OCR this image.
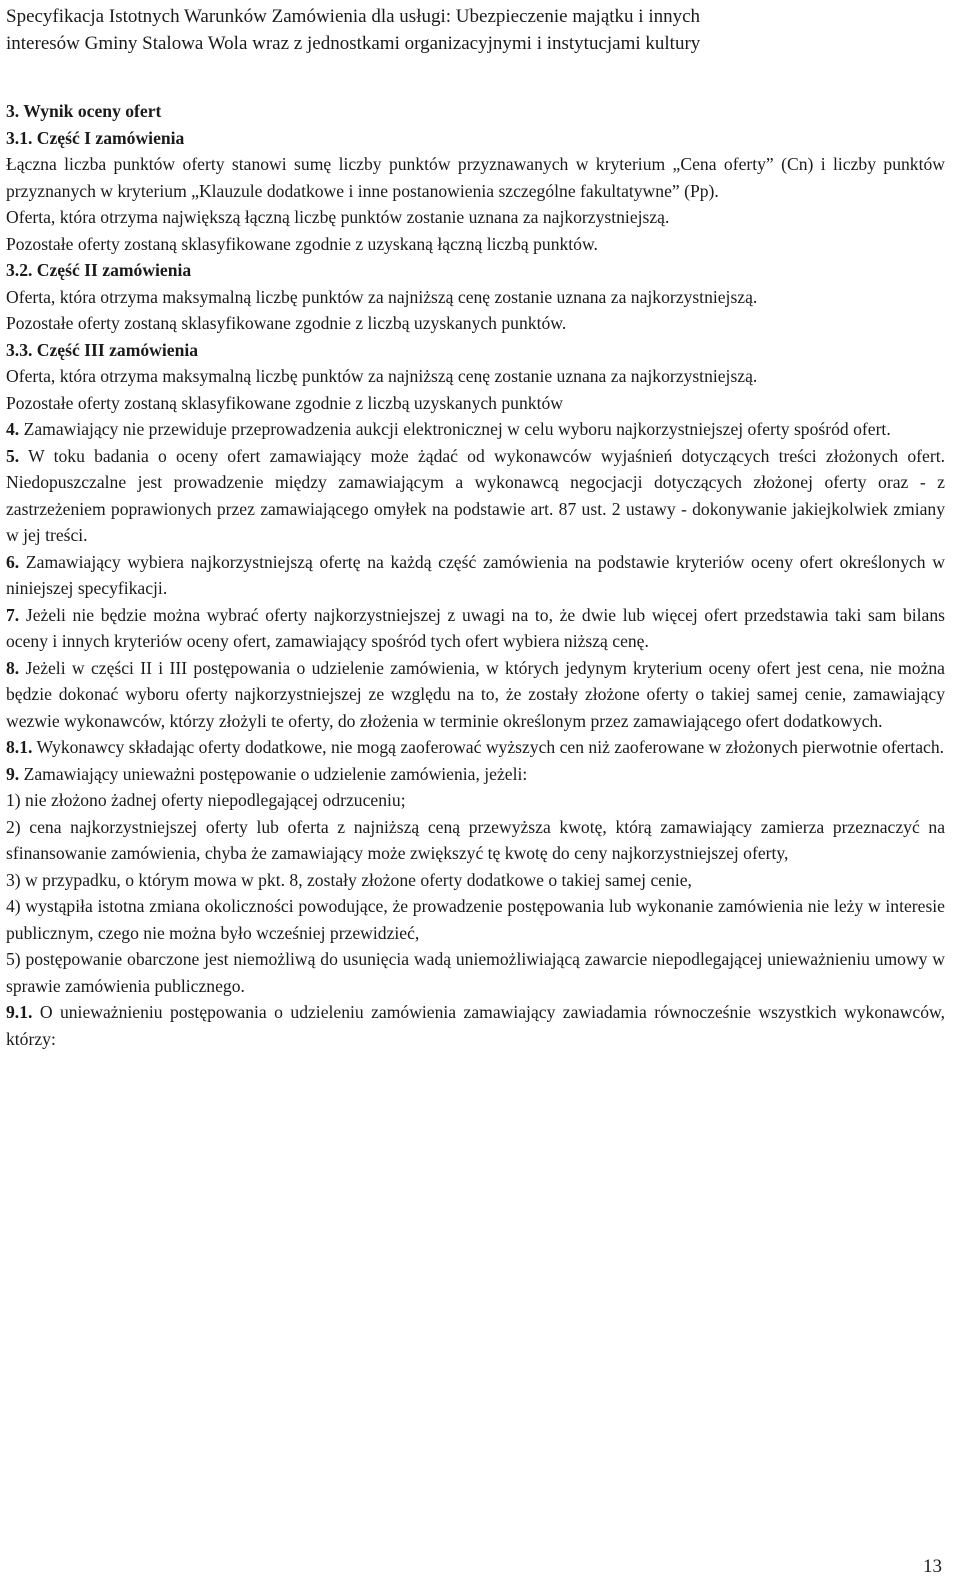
Specyfikacja Istotnych Warunków Zamówienia dla usługi: Ubezpieczenie majątku i innych
interesów Gminy Stalowa Wola wraz z jednostkami organizacyjnymi i instytucjami kultury

3. Wynik oceny ofert

3.1. Część I zamówienia

Łączna liczba punktów oferty stanowi sumę liczby punktów przyznawanych w kryterium „Cena oferty” (Cn) i liczby punktów przyznanych w kryterium „Klauzule dodatkowe i inne postanowienia szczególne fakultatywne” (Pp).

Oferta, która otrzyma największą łączną liczbę punktów zostanie uznana za najkorzystniejszą.

Pozostałe oferty zostaną sklasyfikowane zgodnie z uzyskaną łączną liczbą punktów.

3.2. Część II zamówienia

Oferta, która otrzyma maksymalną liczbę punktów za najniższą cenę zostanie uznana za najkorzystniejszą.

Pozostałe oferty zostaną sklasyfikowane zgodnie z liczbą uzyskanych punktów.

3.3. Część III zamówienia

Oferta, która otrzyma maksymalną liczbę punktów za najniższą cenę zostanie uznana za najkorzystniejszą.

Pozostałe oferty zostaną sklasyfikowane zgodnie z liczbą uzyskanych punktów

4. Zamawiający nie przewiduje przeprowadzenia aukcji elektronicznej w celu wyboru najkorzystniejszej oferty spośród ofert.

5. W toku badania o oceny ofert zamawiający może żądać od wykonawców wyjaśnień dotyczących treści złożonych ofert. Niedopuszczalne jest prowadzenie między zamawiającym a wykonawcą negocjacji dotyczących złożonej oferty oraz - z zastrzeżeniem poprawionych przez zamawiającego omyłek na podstawie art. 87 ust. 2 ustawy - dokonywanie jakiejkolwiek zmiany w jej treści.

6. Zamawiający wybiera najkorzystniejszą ofertę na każdą część zamówienia na podstawie kryteriów oceny ofert określonych w niniejszej specyfikacji.

7. Jeżeli nie będzie można wybrać oferty najkorzystniejszej z uwagi na to, że dwie lub więcej ofert przedstawia taki sam bilans oceny i innych kryteriów oceny ofert, zamawiający spośród tych ofert wybiera niższą cenę.

8. Jeżeli w części II i III postępowania o udzielenie zamówienia, w których jedynym kryterium oceny ofert jest cena, nie można będzie dokonać wyboru oferty najkorzystniejszej ze względu na to, że zostały złożone oferty o takiej samej cenie, zamawiający wezwie wykonawców, którzy złożyli te oferty, do złożenia w terminie określonym przez zamawiającego ofert dodatkowych.

8.1. Wykonawcy składając oferty dodatkowe, nie mogą zaoferować wyższych cen niż zaoferowane w złożonych pierwotnie ofertach.

9. Zamawiający unieważni postępowanie o udzielenie zamówienia, jeżeli:

1) nie złożono żadnej oferty niepodlegającej odrzuceniu;

2) cena najkorzystniejszej oferty lub oferta z najniższą ceną przewyższa kwotę, którą zamawiający zamierza przeznaczyć na sfinansowanie zamówienia, chyba że zamawiający może zwiększyć tę kwotę do ceny najkorzystniejszej oferty,

3) w przypadku, o którym mowa w pkt. 8, zostały złożone oferty dodatkowe o takiej samej cenie,

4) wystąpiła istotna zmiana okoliczności powodujące, że prowadzenie postępowania lub wykonanie zamówienia nie leży w interesie publicznym, czego nie można było wcześniej przewidzieć,

5) postępowanie obarczone jest niemożliwą do usunięcia wadą uniemożliwiającą zawarcie niepodlegającej unieważnieniu umowy w sprawie zamówienia publicznego.

9.1. O unieważnieniu postępowania o udzieleniu zamówienia zamawiający zawiadamia równocześnie wszystkich wykonawców, którzy:

13
